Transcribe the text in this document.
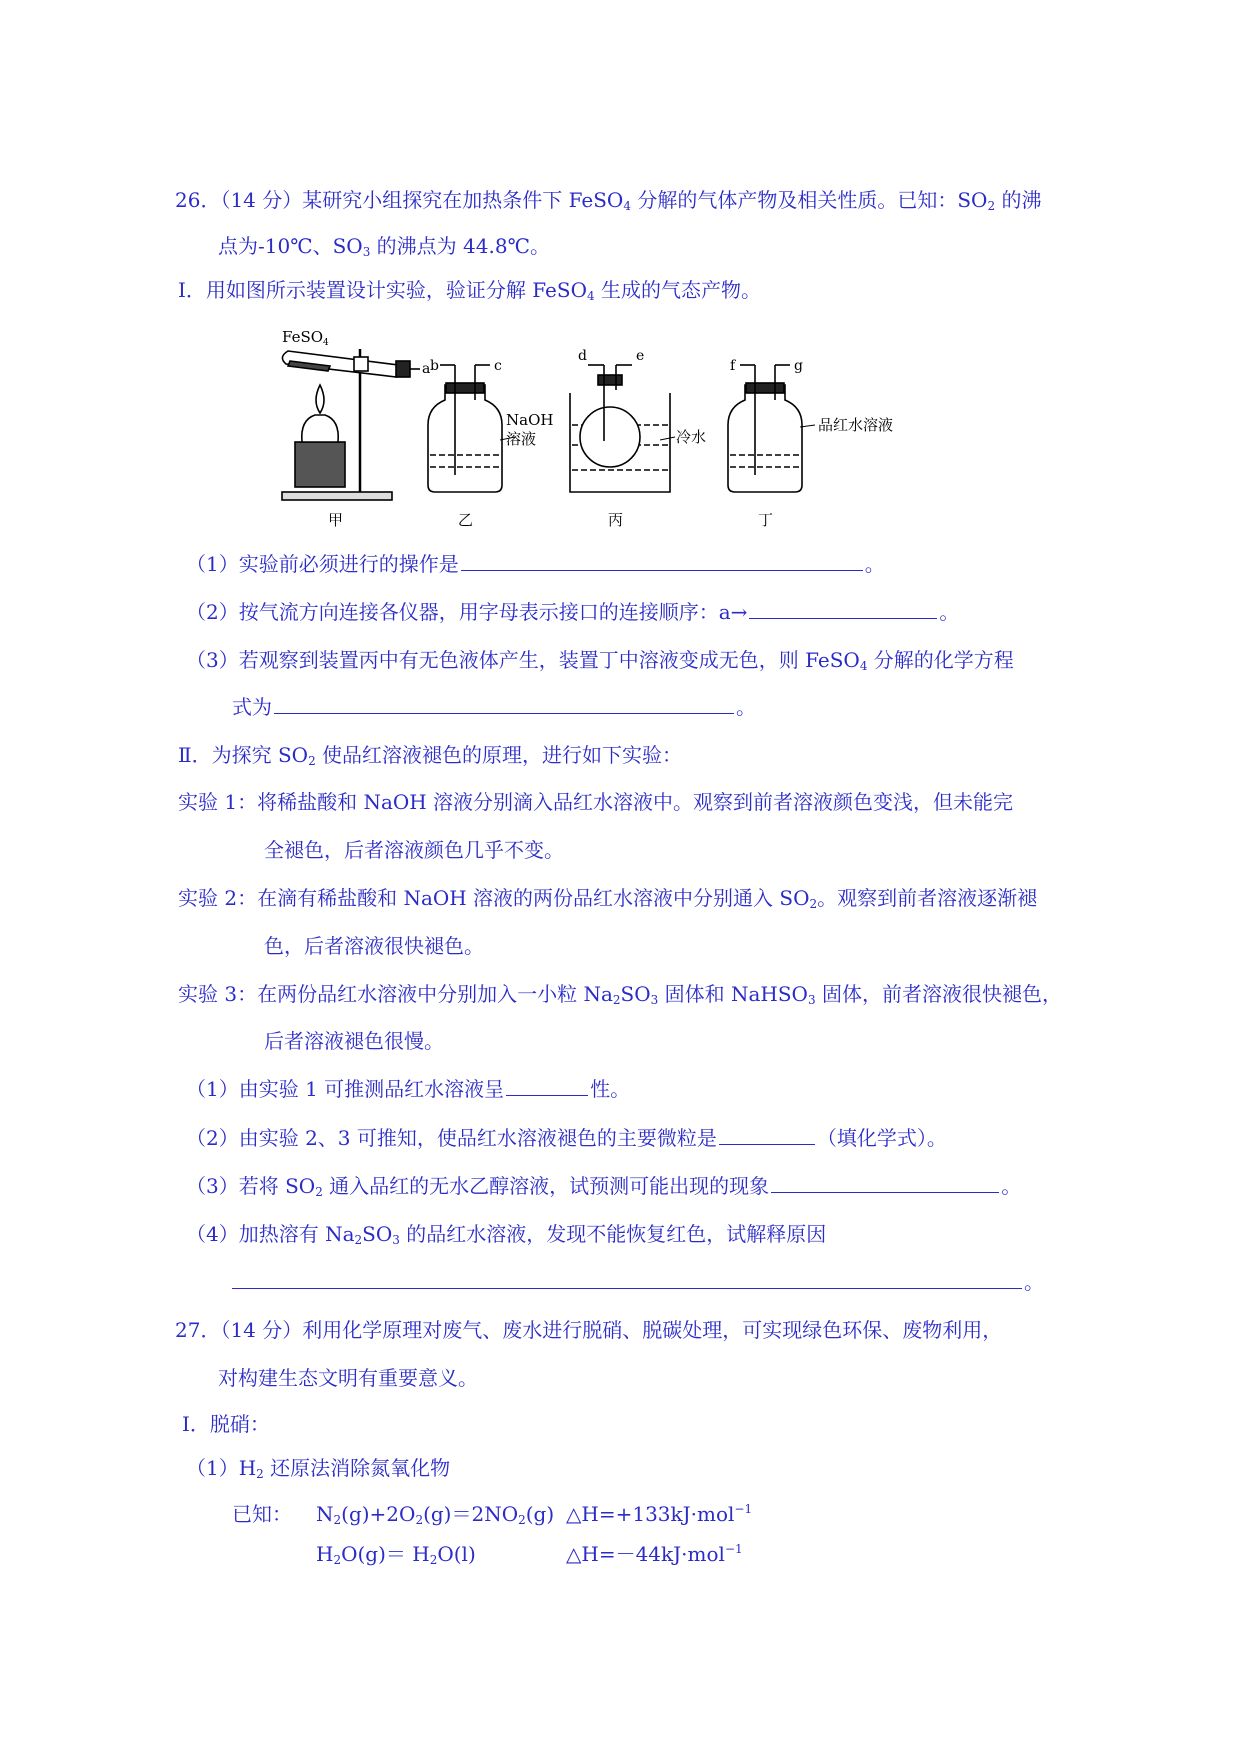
26．（14 分）某研究小组探究在加热条件下 FeSO$_4$ 分解的气体产物及相关性质。已知：$SO_2$ 的沸
点为-10℃、$SO_3$ 的沸点为 44.8℃。
Ⅰ．用如图所示装置设计实验，验证分解 FeSO$_4$ 生成的气态产物。
FeSO$_4$
a b	c
d	e
f	g
NaOH
溶液	冷水
品红水溶液
甲	乙	丙	丁
（1）实验前必须进行的操作是	。
（2）按气流方向连接各仪器，用字母表示接口的连接顺序：a→	。
（3）若观察到装置丙中有无色液体产生，装置丁中溶液变成无色，则 FeSO$_4$ 分解的化学方程
式为	。
Ⅱ．为探究 $SO_2$ 使品红溶液褪色的原理，进行如下实验：
实验 1：将稀盐酸和 NaOH 溶液分别滴入品红水溶液中。观察到前者溶液颜色变浅，但未能完
全褪色，后者溶液颜色几乎不变。
实验 2：在滴有稀盐酸和 NaOH 溶液的两份品红水溶液中分别通入 $SO_2$。观察到前者溶液逐渐褪
色，后者溶液很快褪色。
实验 3：在两份品红水溶液中分别加入一小粒 $Na_2SO_3$ 固体和 NaHSO$_3$ 固体，前者溶液很快褪色，
后者溶液褪色很慢。
（1）由实验 1 可推测品红水溶液呈	性。
（2）由实验 2、3 可推知，使品红水溶液褪色的主要微粒是	（填化学式）。
（3）若将 $SO_2$ 通入品红的无水乙醇溶液，试预测可能出现的现象	。
（4）加热溶有 $Na_2SO_3$ 的品红水溶液，发现不能恢复红色，试解释原因
。
27．（14 分）利用化学原理对废气、废水进行脱硝、脱碳处理，可实现绿色环保、废物利用，
对构建生态文明有重要意义。
Ⅰ．脱硝：
$(1)H_2$ 还原法消除氮氧化物
已知： $N_2(g)+2O_2(g)=2NO_2(g)$ △H=+133kJ·mol$^{-1}$
$H_2O(g)= H_2O(l)$	△H=－44kJ·mol$^{-1}$
